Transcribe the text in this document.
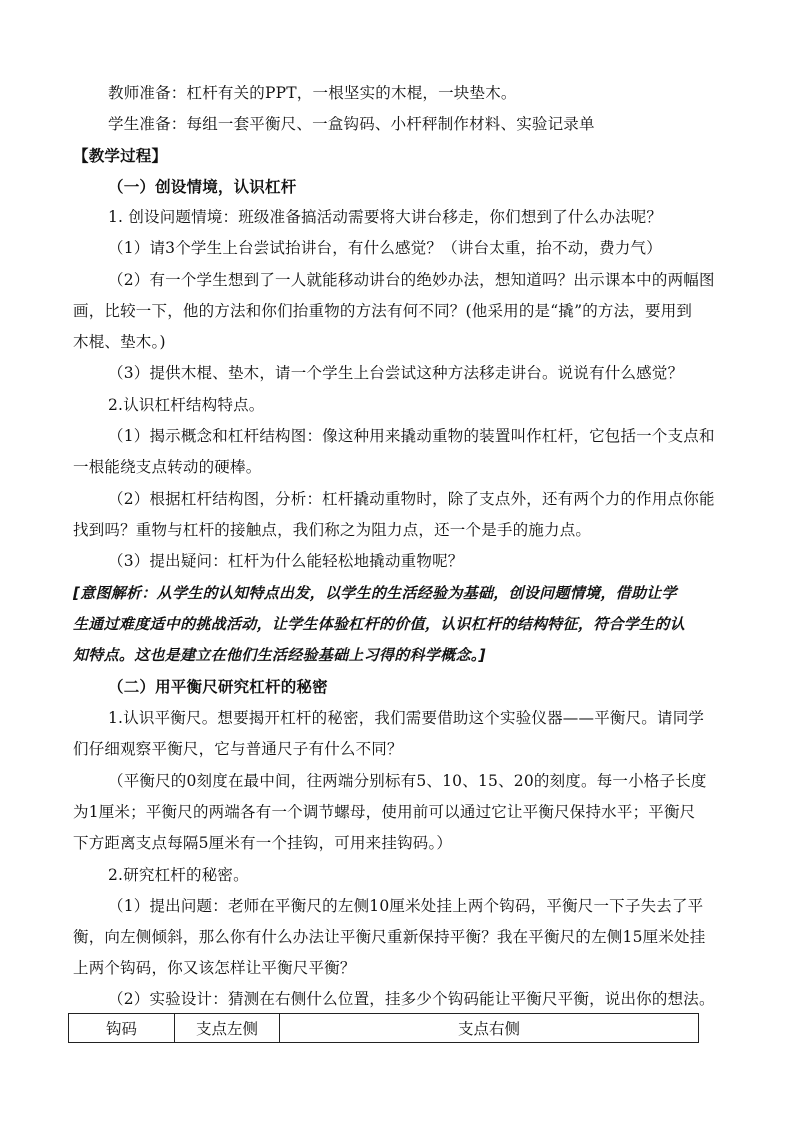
教师准备：杠杆有关的PPT，一根坚实的木棍，一块垫木。
学生准备：每组一套平衡尺、一盒钩码、小杆秤制作材料、实验记录单
【教学过程】
（一）创设情境，认识杠杆
1. 创设问题情境：班级准备搞活动需要将大讲台移走，你们想到了什么办法呢？
（1）请3个学生上台尝试抬讲台，有什么感觉？（讲台太重，抬不动，费力气）
（2）有一个学生想到了一人就能移动讲台的绝妙办法，想知道吗？出示课本中的两幅图
画，比较一下，他的方法和你们抬重物的方法有何不同？(他采用的是“撬”的方法，要用到
木棍、垫木。)
（3）提供木棍、垫木，请一个学生上台尝试这种方法移走讲台。说说有什么感觉？
2.认识杠杆结构特点。
（1）揭示概念和杠杆结构图：像这种用来撬动重物的装置叫作杠杆，它包括一个支点和
一根能绕支点转动的硬棒。
（2）根据杠杆结构图，分析：杠杆撬动重物时，除了支点外，还有两个力的作用点你能
找到吗？重物与杠杆的接触点，我们称之为阻力点，还一个是手的施力点。
（3）提出疑问：杠杆为什么能轻松地撬动重物呢？
[意图解析：从学生的认知特点出发，以学生的生活经验为基础，创设问题情境，借助让学
生通过难度适中的挑战活动，让学生体验杠杆的价值，认识杠杆的结构特征，符合学生的认
知特点。这也是建立在他们生活经验基础上习得的科学概念。]
（二）用平衡尺研究杠杆的秘密
1.认识平衡尺。想要揭开杠杆的秘密，我们需要借助这个实验仪器——平衡尺。请同学
们仔细观察平衡尺，它与普通尺子有什么不同？
（平衡尺的0刻度在最中间，往两端分别标有5、10、15、20的刻度。每一小格子长度
为1厘米；平衡尺的两端各有一个调节螺母，使用前可以通过它让平衡尺保持水平；平衡尺
下方距离支点每隔5厘米有一个挂钩，可用来挂钩码。）
2.研究杠杆的秘密。
（1）提出问题：老师在平衡尺的左侧10厘米处挂上两个钩码，平衡尺一下子失去了平
衡，向左侧倾斜，那么你有什么办法让平衡尺重新保持平衡？我在平衡尺的左侧15厘米处挂
上两个钩码，你又该怎样让平衡尺平衡？
（2）实验设计：猜测在右侧什么位置，挂多少个钩码能让平衡尺平衡，说出你的想法。
钩码	支点左侧	支点右侧
